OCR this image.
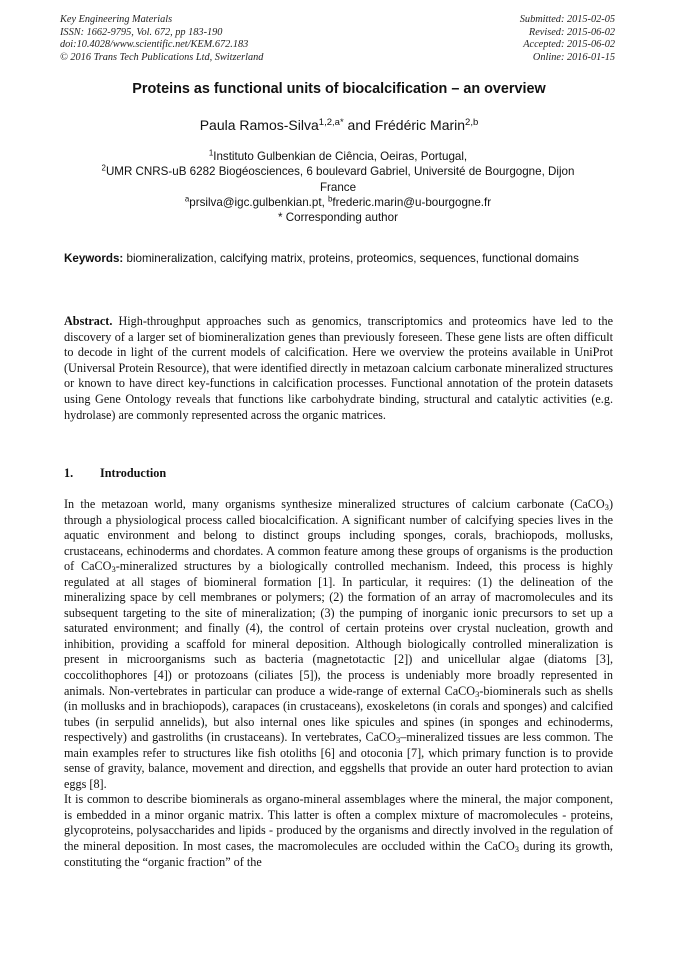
Key Engineering Materials
ISSN: 1662-9795, Vol. 672, pp 183-190
doi:10.4028/www.scientific.net/KEM.672.183
© 2016 Trans Tech Publications Ltd, Switzerland
Submitted: 2015-02-05
Revised: 2015-06-02
Accepted: 2015-06-02
Online: 2016-01-15
Proteins as functional units of biocalcification – an overview
Paula Ramos-Silva$^{1,2,a*}$ and Frédéric Marin$^{2,b}$
$^1$Instituto Gulbenkian de Ciência, Oeiras, Portugal,
$^2$UMR CNRS-uB 6282 Biogéosciences, 6 boulevard Gabriel, Université de Bourgogne, Dijon
France
$^a$prsilva@igc.gulbenkian.pt, $^b$frederic.marin@u-bourgogne.fr
* Corresponding author
Keywords: biomineralization, calcifying matrix, proteins, proteomics, sequences, functional domains
Abstract. High-throughput approaches such as genomics, transcriptomics and proteomics have led to the discovery of a larger set of biomineralization genes than previously foreseen. These gene lists are often difficult to decode in light of the current models of calcification. Here we overview the proteins available in UniProt (Universal Protein Resource), that were identified directly in metazoan calcium carbonate mineralized structures or known to have direct key-functions in calcification processes. Functional annotation of the protein datasets using Gene Ontology reveals that functions like carbohydrate binding, structural and catalytic activities (e.g. hydrolase) are commonly represented across the organic matrices.
1. Introduction

In the metazoan world, many organisms synthesize mineralized structures of calcium carbonate (CaCO$_3$) through a physiological process called biocalcification. A significant number of calcifying species lives in the aquatic environment and belong to distinct groups including sponges, corals, brachiopods, mollusks, crustaceans, echinoderms and chordates. A common feature among these groups of organisms is the production of CaCO$_3$-mineralized structures by a biologically controlled mechanism. Indeed, this process is highly regulated at all stages of biomineral formation [1]. In particular, it requires: (1) the delineation of the mineralizing space by cell membranes or polymers; (2) the formation of an array of macromolecules and its subsequent targeting to the site of mineralization; (3) the pumping of inorganic ionic precursors to set up a saturated environment; and finally (4), the control of certain proteins over crystal nucleation, growth and inhibition, providing a scaffold for mineral deposition. Although biologically controlled mineralization is present in microorganisms such as bacteria (magnetotactic [2]) and unicellular algae (diatoms [3], coccolithophores [4]) or protozoans (ciliates [5]), the process is undeniably more broadly represented in animals. Non-vertebrates in particular can produce a wide-range of external CaCO$_3$-biominerals such as shells (in mollusks and in brachiopods), carapaces (in crustaceans), exoskeletons (in corals and sponges) and calcified tubes (in serpulid annelids), but also internal ones like spicules and spines (in sponges and echinoderms, respectively) and gastroliths (in crustaceans). In vertebrates, CaCO$_3$–mineralized tissues are less common. The main examples refer to structures like fish otoliths [6] and otoconia [7], which primary function is to provide sense of gravity, balance, movement and direction, and eggshells that provide an outer hard protection to avian eggs [8].

It is common to describe biominerals as organo-mineral assemblages where the mineral, the major component, is embedded in a minor organic matrix. This latter is often a complex mixture of macromolecules - proteins, glycoproteins, polysaccharides and lipids - produced by the organisms and directly involved in the regulation of the mineral deposition. In most cases, the macromolecules are occluded within the CaCO$_3$ during its growth, constituting the “organic fraction” of the
